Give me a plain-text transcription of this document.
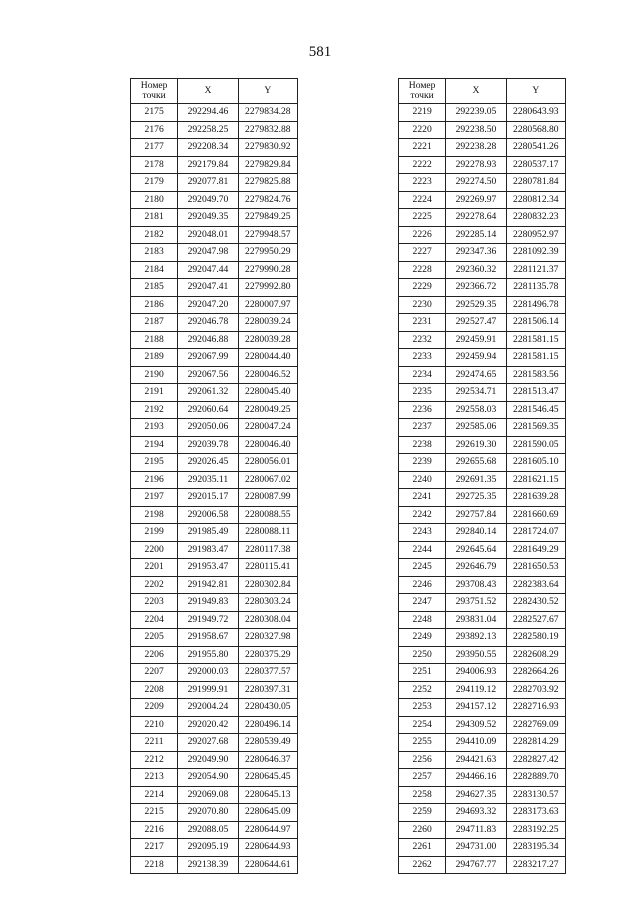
581
Номер
точки	X	Y
2175	292294.46	2279834.28
2176	292258.25	2279832.88
2177	292208.34	2279830.92
2178	292179.84	2279829.84
2179	292077.81	2279825.88
2180	292049.70	2279824.76
2181	292049.35	2279849.25
2182	292048.01	2279948.57
2183	292047.98	2279950.29
2184	292047.44	2279990.28
2185	292047.41	2279992.80
2186	292047.20	2280007.97
2187	292046.78	2280039.24
2188	292046.88	2280039.28
2189	292067.99	2280044.40
2190	292067.56	2280046.52
2191	292061.32	2280045.40
2192	292060.64	2280049.25
2193	292050.06	2280047.24
2194	292039.78	2280046.40
2195	292026.45	2280056.01
2196	292035.11	2280067.02
2197	292015.17	2280087.99
2198	292006.58	2280088.55
2199	291985.49	2280088.11
2200	291983.47	2280117.38
2201	291953.47	2280115.41
2202	291942.81	2280302.84
2203	291949.83	2280303.24
2204	291949.72	2280308.04
2205	291958.67	2280327.98
2206	291955.80	2280375.29
2207	292000.03	2280377.57
2208	291999.91	2280397.31
2209	292004.24	2280430.05
2210	292020.42	2280496.14
2211	292027.68	2280539.49
2212	292049.90	2280646.37
2213	292054.90	2280645.45
2214	292069.08	2280645.13
2215	292070.80	2280645.09
2216	292088.05	2280644.97
2217	292095.19	2280644.93
2218	292138.39	2280644.61
Номер
точки	X	Y
2219	292239.05	2280643.93
2220	292238.50	2280568.80
2221	292238.28	2280541.26
2222	292278.93	2280537.17
2223	292274.50	2280781.84
2224	292269.97	2280812.34
2225	292278.64	2280832.23
2226	292285.14	2280952.97
2227	292347.36	2281092.39
2228	292360.32	2281121.37
2229	292366.72	2281135.78
2230	292529.35	2281496.78
2231	292527.47	2281506.14
2232	292459.91	2281581.15
2233	292459.94	2281581.15
2234	292474.65	2281583.56
2235	292534.71	2281513.47
2236	292558.03	2281546.45
2237	292585.06	2281569.35
2238	292619.30	2281590.05
2239	292655.68	2281605.10
2240	292691.35	2281621.15
2241	292725.35	2281639.28
2242	292757.84	2281660.69
2243	292840.14	2281724.07
2244	292645.64	2281649.29
2245	292646.79	2281650.53
2246	293708.43	2282383.64
2247	293751.52	2282430.52
2248	293831.04	2282527.67
2249	293892.13	2282580.19
2250	293950.55	2282608.29
2251	294006.93	2282664.26
2252	294119.12	2282703.92
2253	294157.12	2282716.93
2254	294309.52	2282769.09
2255	294410.09	2282814.29
2256	294421.63	2282827.42
2257	294466.16	2282889.70
2258	294627.35	2283130.57
2259	294693.32	2283173.63
2260	294711.83	2283192.25
2261	294731.00	2283195.34
2262	294767.77	2283217.27
